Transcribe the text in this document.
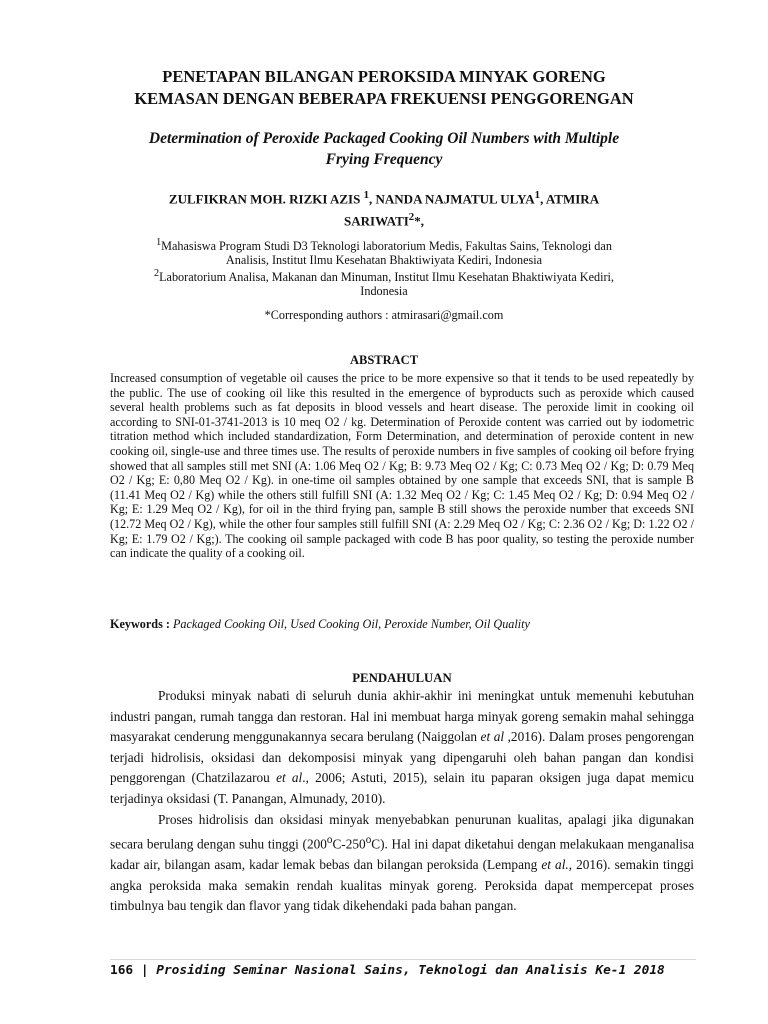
PENETAPAN BILANGAN PEROKSIDA MINYAK GORENG
KEMASAN DENGAN BEBERAPA FREKUENSI PENGGORENGAN
Determination of Peroxide Packaged Cooking Oil Numbers with Multiple
Frying Frequency
ZULFIKRAN MOH. RIZKI AZIS $^1$, NANDA NAJMATUL ULYA$^1$, ATMIRA
SARIWATI$^2$*,

$^1$Mahasiswa Program Studi D3 Teknologi laboratorium Medis, Fakultas Sains, Teknologi dan
Analisis, Institut Ilmu Kesehatan Bhaktiwiyata Kediri, Indonesia

$^2$Laboratorium Analisa, Makanan dan Minuman, Institut Ilmu Kesehatan Bhaktiwiyata Kediri,
Indonesia

*Corresponding authors : atmirasari@gmail.com
ABSTRACT
Increased consumption of vegetable oil causes the price to be more expensive so that it tends to be used repeatedly by the public. The use of cooking oil like this resulted in the emergence of byproducts such as peroxide which caused several health problems such as fat deposits in blood vessels and heart disease. The peroxide limit in cooking oil according to SNI-01-3741-2013 is 10 meq O2 / kg. Determination of Peroxide content was carried out by iodometric titration method which included standardization, Form Determination, and determination of peroxide content in new cooking oil, single-use and three times use. The results of peroxide numbers in five samples of cooking oil before frying showed that all samples still met SNI (A: 1.06 Meq O2 / Kg; B: 9.73 Meq O2 / Kg; C: 0.73 Meq O2 / Kg; D: 0.79 Meq O2 / Kg; E: 0,80 Meq O2 / Kg). in one-time oil samples obtained by one sample that exceeds SNI, that is sample B (11.41 Meq O2 / Kg) while the others still fulfill SNI (A: 1.32 Meq O2 / Kg; C: 1.45 Meq O2 / Kg; D: 0.94 Meq O2 / Kg; E: 1.29 Meq O2 / Kg), for oil in the third frying pan, sample B still shows the peroxide number that exceeds SNI (12.72 Meq O2 / Kg), while the other four samples still fulfill SNI (A: 2.29 Meq O2 / Kg; C: 2.36 O2 / Kg; D: 1.22 O2 / Kg; E: 1.79 O2 / Kg;). The cooking oil sample packaged with code B has poor quality, so testing the peroxide number can indicate the quality of a cooking oil.
Keywords : Packaged Cooking Oil, Used Cooking Oil, Peroxide Number, Oil Quality
PENDAHULUAN

Produksi minyak nabati di seluruh dunia akhir-akhir ini meningkat untuk memenuhi kebutuhan industri pangan, rumah tangga dan restoran. Hal ini membuat harga minyak goreng semakin mahal sehingga masyarakat cenderung menggunakannya secara berulang (Naiggolan et al ,2016). Dalam proses pengorengan terjadi hidrolisis, oksidasi dan dekomposisi minyak yang dipengaruhi oleh bahan pangan dan kondisi penggorengan (Chatzilazarou et al., 2006; Astuti, 2015), selain itu paparan oksigen juga dapat memicu terjadinya oksidasi (T. Panangan, Almunady, 2010).

Proses hidrolisis dan oksidasi minyak menyebabkan penurunan kualitas, apalagi jika digunakan secara berulang dengan suhu tinggi (200$^o$C-250$^o$C). Hal ini dapat diketahui dengan melakukaan menganalisa kadar air, bilangan asam, kadar lemak bebas dan bilangan peroksida (Lempang et al., 2016). semakin tinggi angka peroksida maka semakin rendah kualitas minyak goreng. Peroksida dapat mempercepat proses timbulnya bau tengik dan flavor yang tidak dikehendaki pada bahan pangan.

166 | Prosiding Seminar Nasional Sains, Teknologi dan Analisis Ke-1 2018
